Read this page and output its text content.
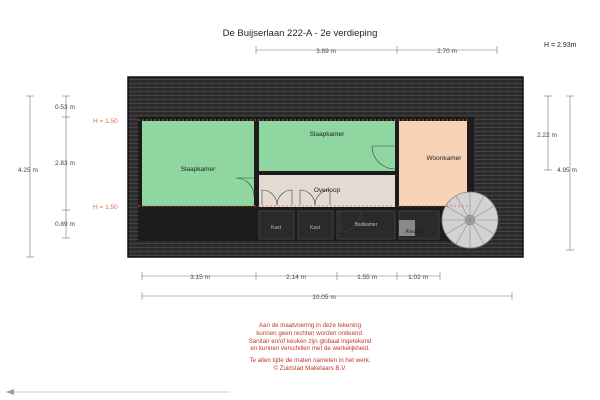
De Buijserlaan 222-A - 2e verdieping
H = 2.93m
3.69 m	2.70 m
H = 1.50
H = 1.50
Slaapkamer
Slaapkamer
Woonkamer
Overloop
Kast	Kast	Badkamer
Keuken
4.25 m
0.53 m
2.83 m
0.89 m
2.22 m
4.95 m
3.15 m	2.14 m	1.55 m	1.02 m
10.05 m
Aan de maatvoering in deze tekening
kunnen geen rechten worden ontleend.
Sanitair en/of keuken zijn globaal ingetekend
en kunnen verschillen met de werkelijkheid.
Te allen tijde de maten nameten in het werk.
© Zuidstad Makelaars B.V.
